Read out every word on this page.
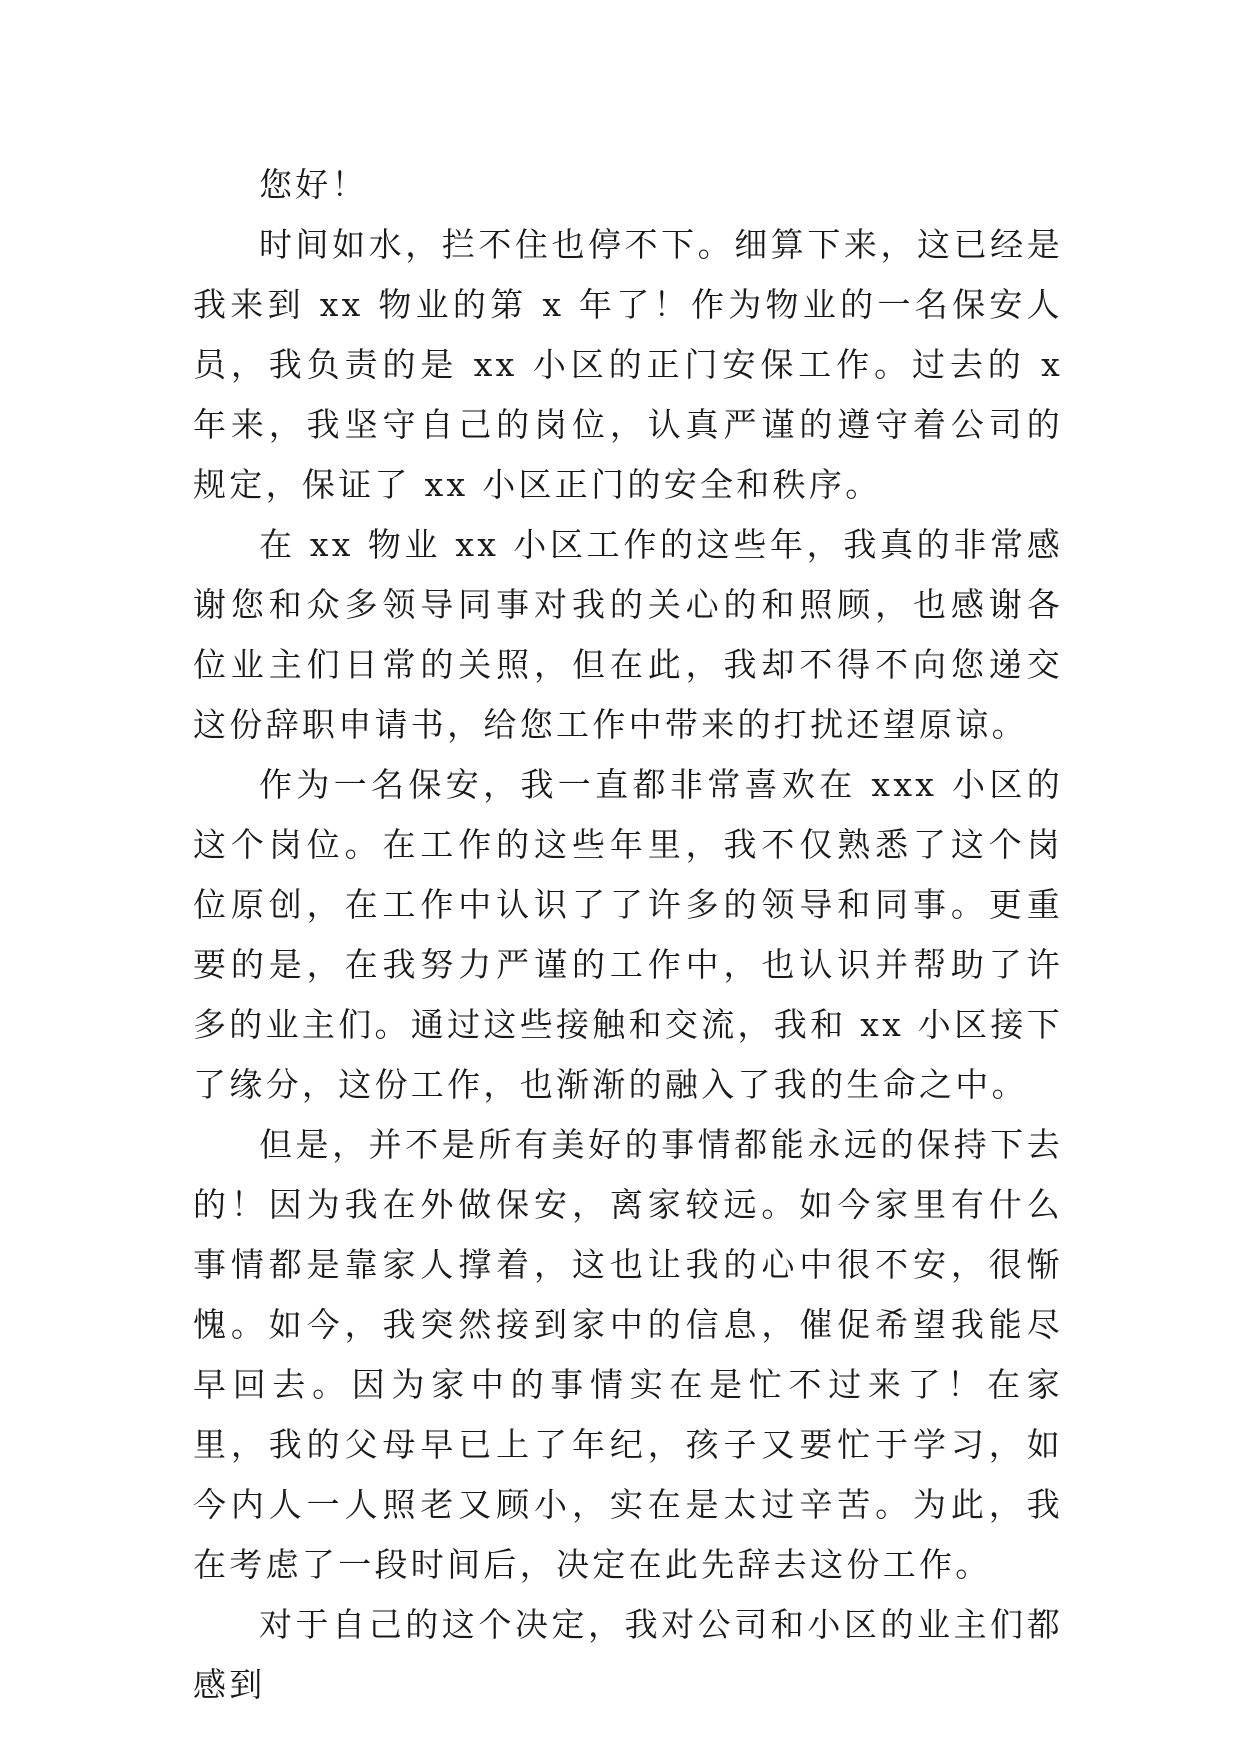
您好！

时间如水，拦不住也停不下。细算下来，这已经是我来到 xx 物业的第 x 年了！作为物业的一名保安人员，我负责的是 xx 小区的正门安保工作。过去的 x 年来，我坚守自己的岗位，认真严谨的遵守着公司的规定，保证了 xx 小区正门的安全和秩序。

在 xx 物业 xx 小区工作的这些年，我真的非常感谢您和众多领导同事对我的关心的和照顾，也感谢各位业主们日常的关照，但在此，我却不得不向您递交这份辞职申请书，给您工作中带来的打扰还望原谅。

作为一名保安，我一直都非常喜欢在 xxx 小区的这个岗位。在工作的这些年里，我不仅熟悉了这个岗位原创，在工作中认识了了许多的领导和同事。更重要的是，在我努力严谨的工作中，也认识并帮助了许多的业主们。通过这些接触和交流，我和 xx 小区接下了缘分，这份工作，也渐渐的融入了我的生命之中。

但是，并不是所有美好的事情都能永远的保持下去的！因为我在外做保安，离家较远。如今家里有什么事情都是靠家人撑着，这也让我的心中很不安，很惭愧。如今，我突然接到家中的信息，催促希望我能尽早回去。因为家中的事情实在是忙不过来了！在家里，我的父母早已上了年纪，孩子又要忙于学习，如今内人一人照老又顾小，实在是太过辛苦。为此，我在考虑了一段时间后，决定在此先辞去这份工作。

对于自己的这个决定，我对公司和小区的业主们都感到
